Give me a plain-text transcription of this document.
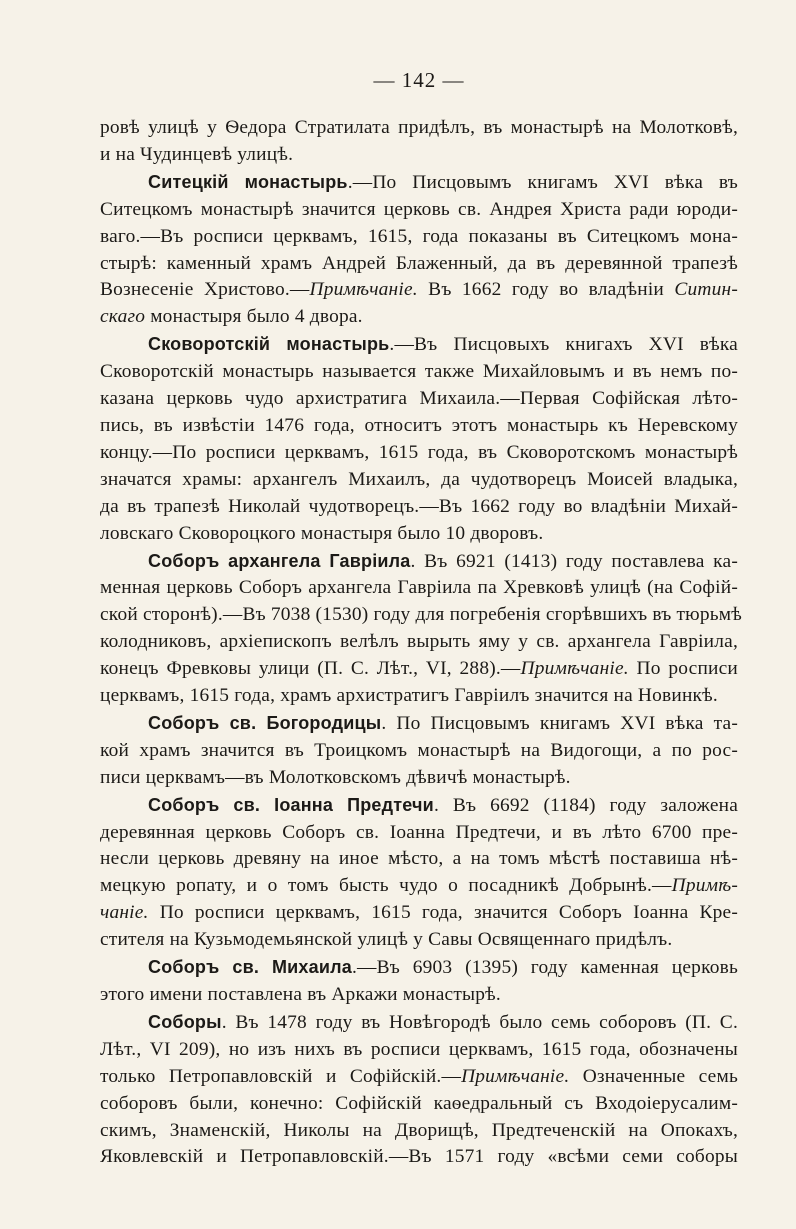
— 142 —
ровѣ улицѣ у Ѳедора Стратилата придѣлъ, въ монастырѣ на Молотковѣ,
и на Чудинцевѣ улицѣ.
Ситецкій монастырь.—По Писцовымъ книгамъ XVI вѣка въ
Ситецкомъ монастырѣ значится церковь св. Андрея Христа ради юроди-
ваго.—Въ росписи церквамъ, 1615, года показаны въ Ситецкомъ мона-
стырѣ: каменный храмъ Андрей Блаженный, да въ деревянной трапезѣ
Вознесеніе Христово.—Примѣчаніе. Въ 1662 году во владѣніи Ситин-
скаго монастыря было 4 двора.
Сковоротскій монастырь.—Въ Писцовыхъ книгахъ XVI вѣка
Сковоротскій монастырь называется также Михайловымъ и въ немъ по-
казана церковь чудо архистратига Михаила.—Первая Софійская лѣто-
пись, въ извѣстіи 1476 года, относитъ этотъ монастырь къ Неревскому
концу.—По росписи церквамъ, 1615 года, въ Сковоротскомъ монастырѣ
значатся храмы: архангелъ Михаилъ, да чудотворецъ Моисей владыка,
да въ трапезѣ Николай чудотворецъ.—Въ 1662 году во владѣніи Михай-
ловскаго Сковороцкого монастыря было 10 дворовъ.
Соборъ архангела Гавріила. Въ 6921 (1413) году поставлева ка-
менная церковь Соборъ архангела Гавріила па Хревковѣ улицѣ (на Софій-
ской сторонѣ).—Въ 7038 (1530) году для погребенія сгорѣвшихъ въ тюрьмѣ
колодниковъ, архіепископъ велѣлъ вырыть яму у св. архангела Гавріила,
конецъ Фревковы улици (П. С. Лѣт., VI, 288).—Примѣчаніе. По росписи
церквамъ, 1615 года, храмъ архистратигъ Гавріилъ значится на Новинкѣ.
Соборъ св. Богородицы. По Писцовымъ книгамъ XVI вѣка та-
кой храмъ значится въ Троицкомъ монастырѣ на Видогощи, а по рос-
писи церквамъ—въ Молотковскомъ дѣвичѣ монастырѣ.
Соборъ св. Іоанна Предтечи. Въ 6692 (1184) году заложена
деревянная церковь Соборъ св. Іоанна Предтечи, и въ лѣто 6700 пре-
несли церковь древяну на иное мѣсто, а на томъ мѣстѣ поставиша нѣ-
мецкую ропату, и о томъ бысть чудо о посадникѣ Добрынѣ.—Примѣ-
чаніе. По росписи церквамъ, 1615 года, значится Соборъ Іоанна Кре-
стителя на Кузьмодемьянской улицѣ у Савы Освященнаго придѣлъ.
Соборъ св. Михаила.—Въ 6903 (1395) году каменная церковь
этого имени поставлена въ Аркажи монастырѣ.
Соборы. Въ 1478 году въ Новѣгородѣ было семь соборовъ (П. С.
Лѣт., VI 209), но изъ нихъ въ росписи церквамъ, 1615 года, обозначены
только Петропавловскій и Софійскій.—Примѣчаніе. Означенные семь
соборовъ были, конечно: Софійскій каѳедральный съ Входоіерусалим-
скимъ, Знаменскій, Николы на Дворищѣ, Предтеченскій на Опокахъ,
Яковлевскій и Петропавловскій.—Въ 1571 году «всѣми семи соборы
